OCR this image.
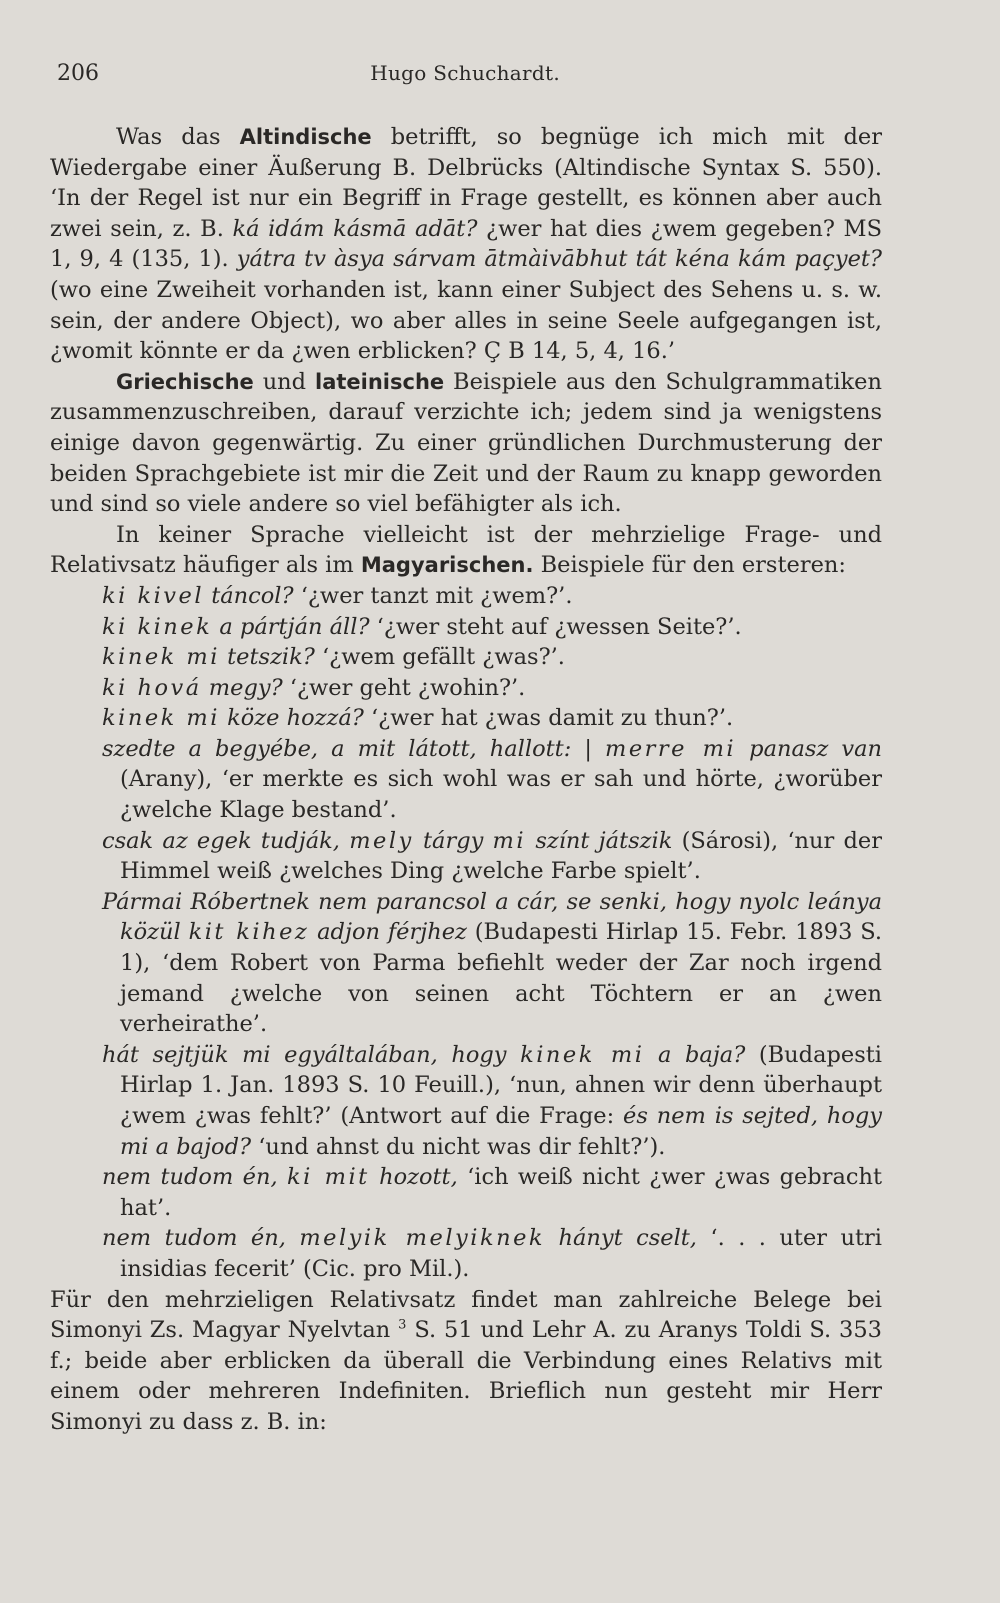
206	Hugo Schuchardt.

Was das Altindische betrifft, so begnüge ich mich mit der Wiedergabe einer Äußerung B. Delbrücks (Altindische Syntax S. 550). ‘In der Regel ist nur ein Begriff in Frage gestellt, es können aber auch zwei sein, z. B. ká idám kásmā adāt? ¿wer hat dies ¿wem gegeben? MS 1, 9, 4 (135, 1). yátra tv àsya sárvam ātmàivābhut tát kéna kám paçyet? (wo eine Zweiheit vorhanden ist, kann einer Subject des Sehens u. s. w. sein, der andere Object), wo aber alles in seine Seele aufgegangen ist, ¿womit könnte er da ¿wen erblicken? Ç B 14, 5, 4, 16.’

Griechische und lateinische Beispiele aus den Schulgrammatiken zusammenzuschreiben, darauf verzichte ich; jedem sind ja wenigstens einige davon gegenwärtig. Zu einer gründlichen Durchmusterung der beiden Sprachgebiete ist mir die Zeit und der Raum zu knapp geworden und sind so viele andere so viel befähigter als ich.

In keiner Sprache vielleicht ist der mehrzielige Frage- und Relativsatz häufiger als im Magyarischen. Beispiele für den ersteren:

ki kivel táncol? ‘¿wer tanzt mit ¿wem?’.

ki kinek a pártján áll? ‘¿wer steht auf ¿wessen Seite?’.

kinek mi tetszik? ‘¿wem gefällt ¿was?’.

ki hová megy? ‘¿wer geht ¿wohin?’.

kinek mi köze hozzá? ‘¿wer hat ¿was damit zu thun?’.

szedte a begyébe, a mit látott, hallott: | merre mi panasz van (Arany), ‘er merkte es sich wohl was er sah und hörte, ¿worüber ¿welche Klage bestand’.

csak az egek tudják, mely tárgy mi színt játszik (Sárosi), ‘nur der Himmel weiß ¿welches Ding ¿welche Farbe spielt’.

Pármai Róbertnek nem parancsol a cár, se senki, hogy nyolc leánya közül kit kihez adjon férjhez (Budapesti Hirlap 15. Febr. 1893 S. 1), ‘dem Robert von Parma befiehlt weder der Zar noch irgend jemand ¿welche von seinen acht Töchtern er an ¿wen verheirathe’.

hát sejtjük mi egyáltalában, hogy kinek mi a baja? (Budapesti Hirlap 1. Jan. 1893 S. 10 Feuill.), ‘nun, ahnen wir denn überhaupt ¿wem ¿was fehlt?’ (Antwort auf die Frage: és nem is sejted, hogy mi a bajod? ‘und ahnst du nicht was dir fehlt?’).

nem tudom én, ki mit hozott, ‘ich weiß nicht ¿wer ¿was gebracht hat’.

nem tudom én, melyik melyiknek hányt cselt, ‘. . . uter utri insidias fecerit’ (Cic. pro Mil.).

Für den mehrzieligen Relativsatz findet man zahlreiche Belege bei Simonyi Zs. Magyar Nyelvtan $^3$ S. 51 und Lehr A. zu Aranys Toldi S. 353 f.; beide aber erblicken da überall die Verbindung eines Relativs mit einem oder mehreren Indefiniten. Brieflich nun gesteht mir Herr Simonyi zu dass z. B. in:
